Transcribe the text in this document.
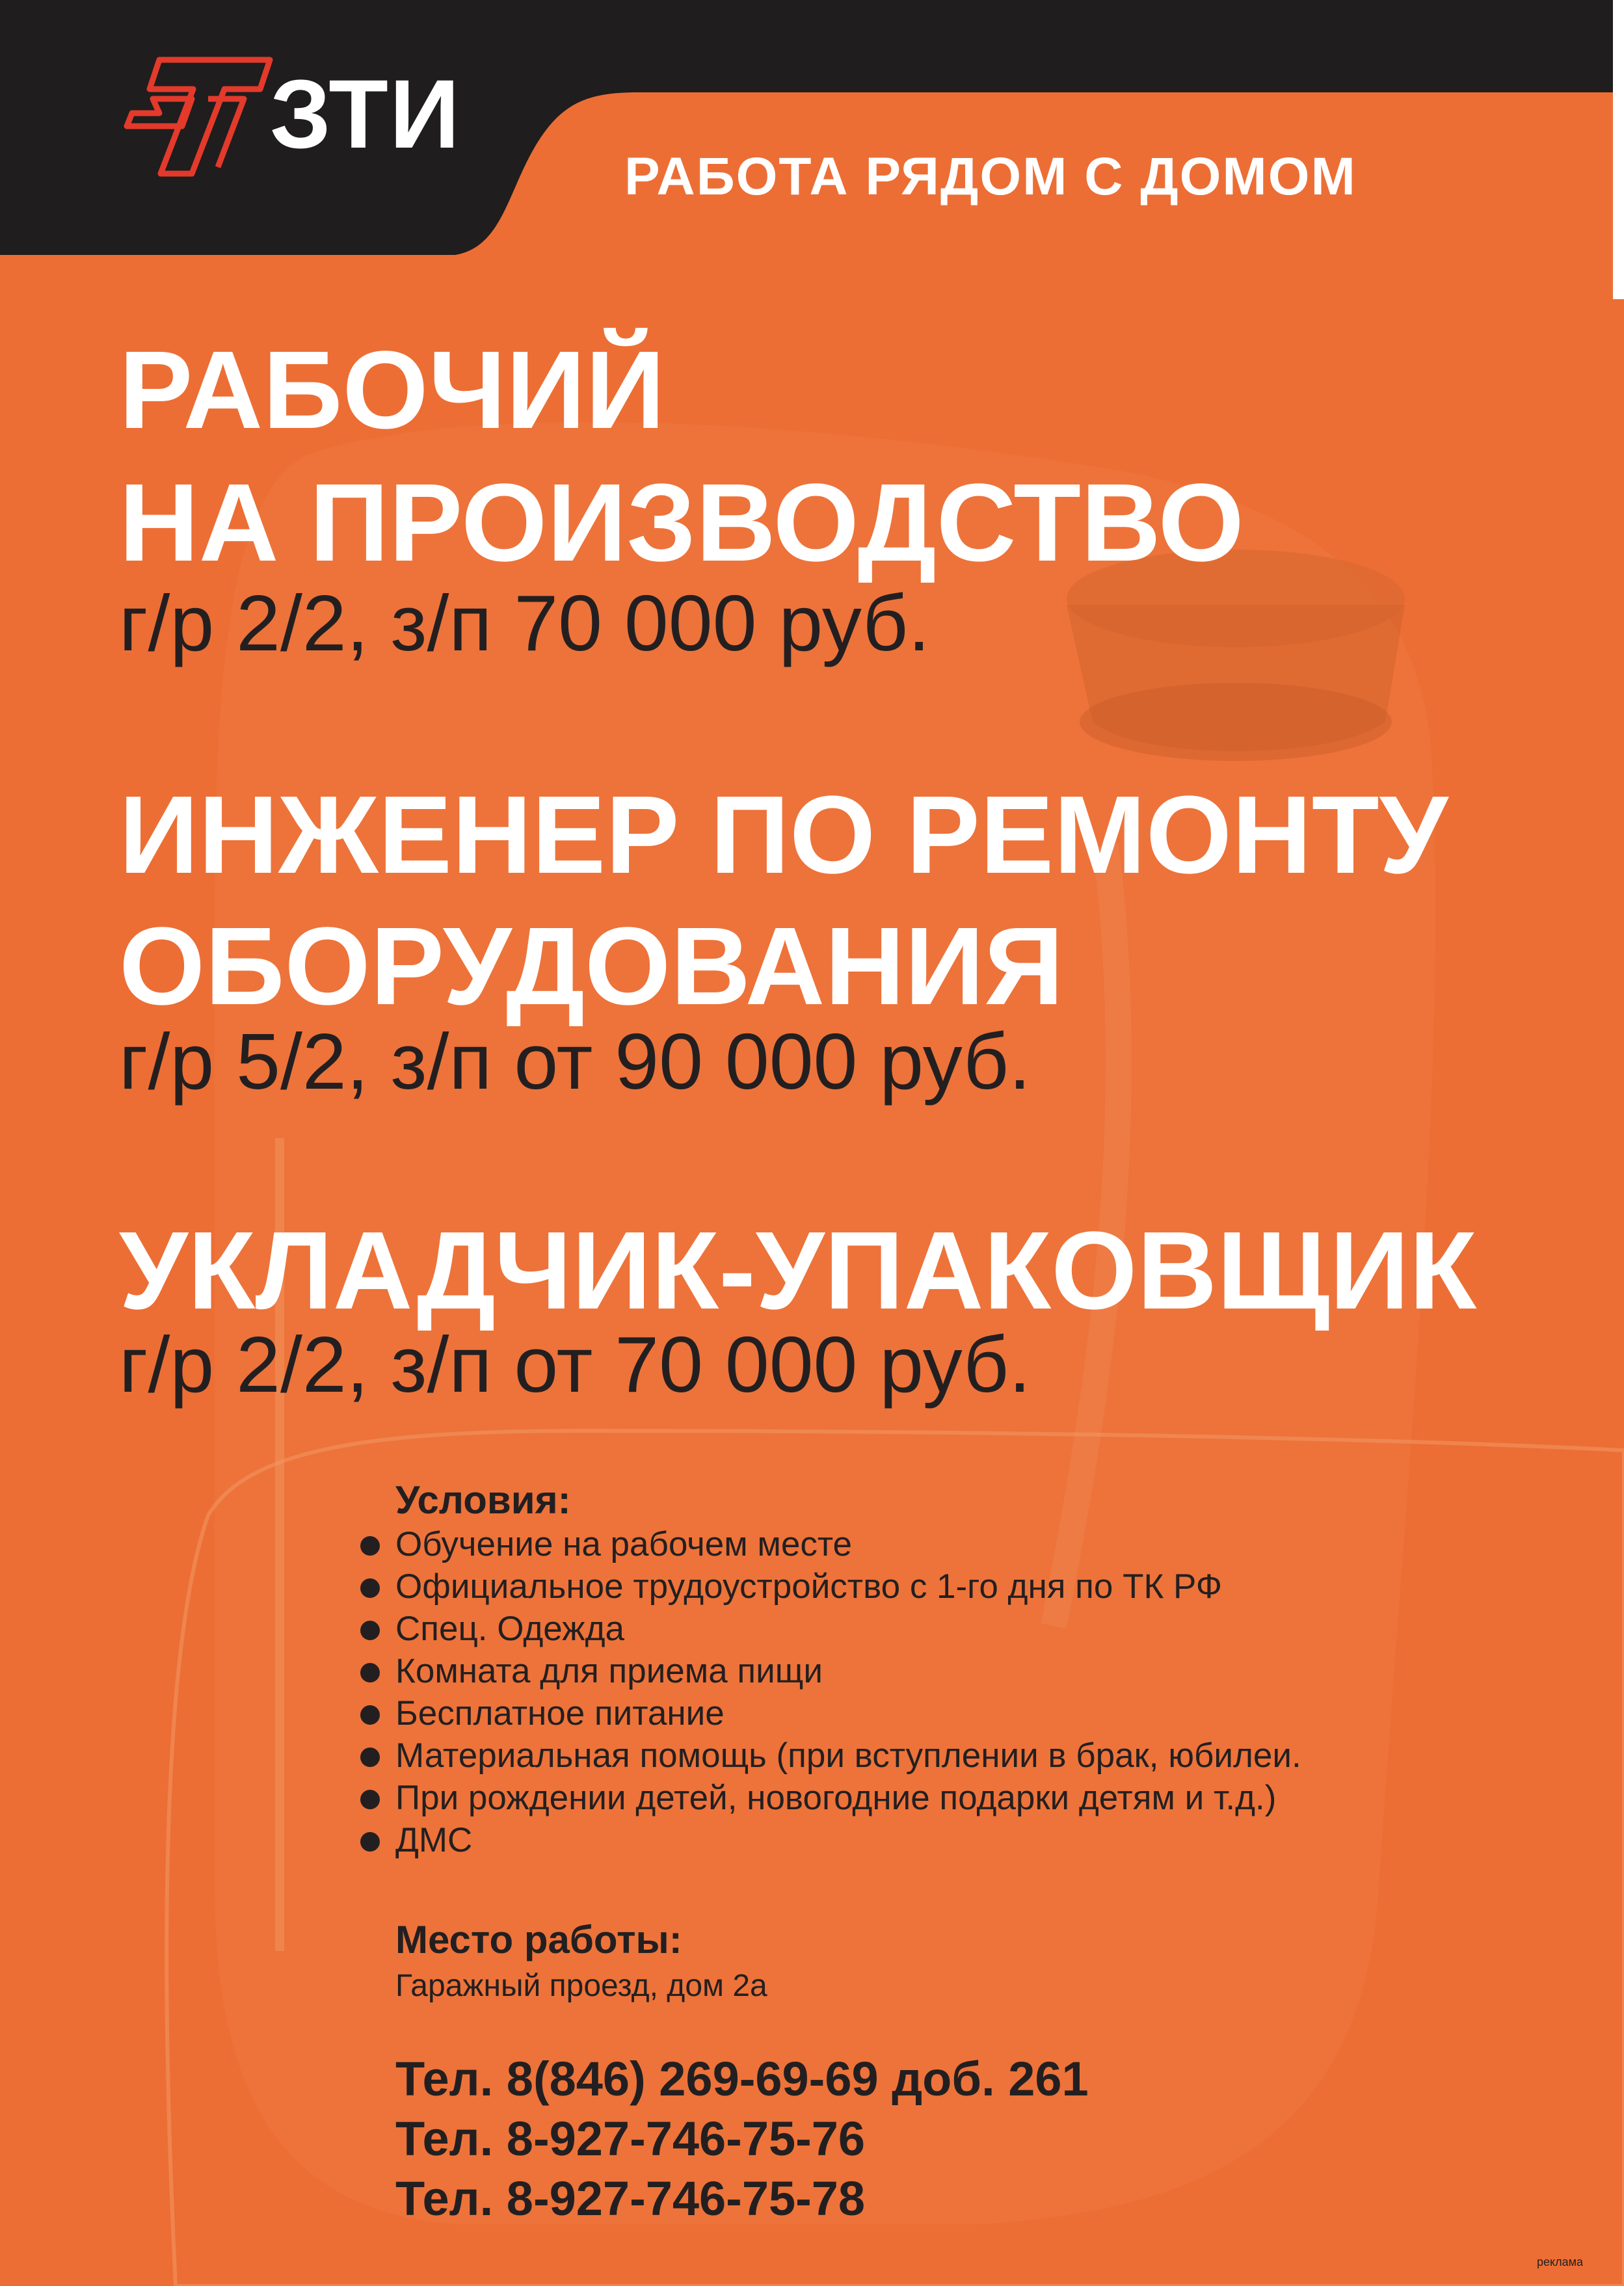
ЗТИ
РАБОТА РЯДОМ С ДОМОМ
РАБОЧИЙ
НА ПРОИЗВОДСТВО
г/р 2/2, з/п 70 000 руб.
ИНЖЕНЕР ПО РЕМОНТУ
ОБОРУДОВАНИЯ
г/р 5/2, з/п от 90 000 руб.
УКЛАДЧИК-УПАКОВЩИК
г/р 2/2, з/п от 70 000 руб.
Условия:
Обучение на рабочем месте
Официальное трудоустройство с 1-го дня по ТК РФ
Спец. Одежда
Комната для приема пищи
Бесплатное питание
Материальная помощь (при вступлении в брак, юбилеи.
При рождении детей, новогодние подарки детям и т.д.)
ДМС
Место работы:
Гаражный проезд, дом 2а
Тел. 8(846) 269-69-69 доб. 261
Тел. 8-927-746-75-76
Тел. 8-927-746-75-78
реклама
